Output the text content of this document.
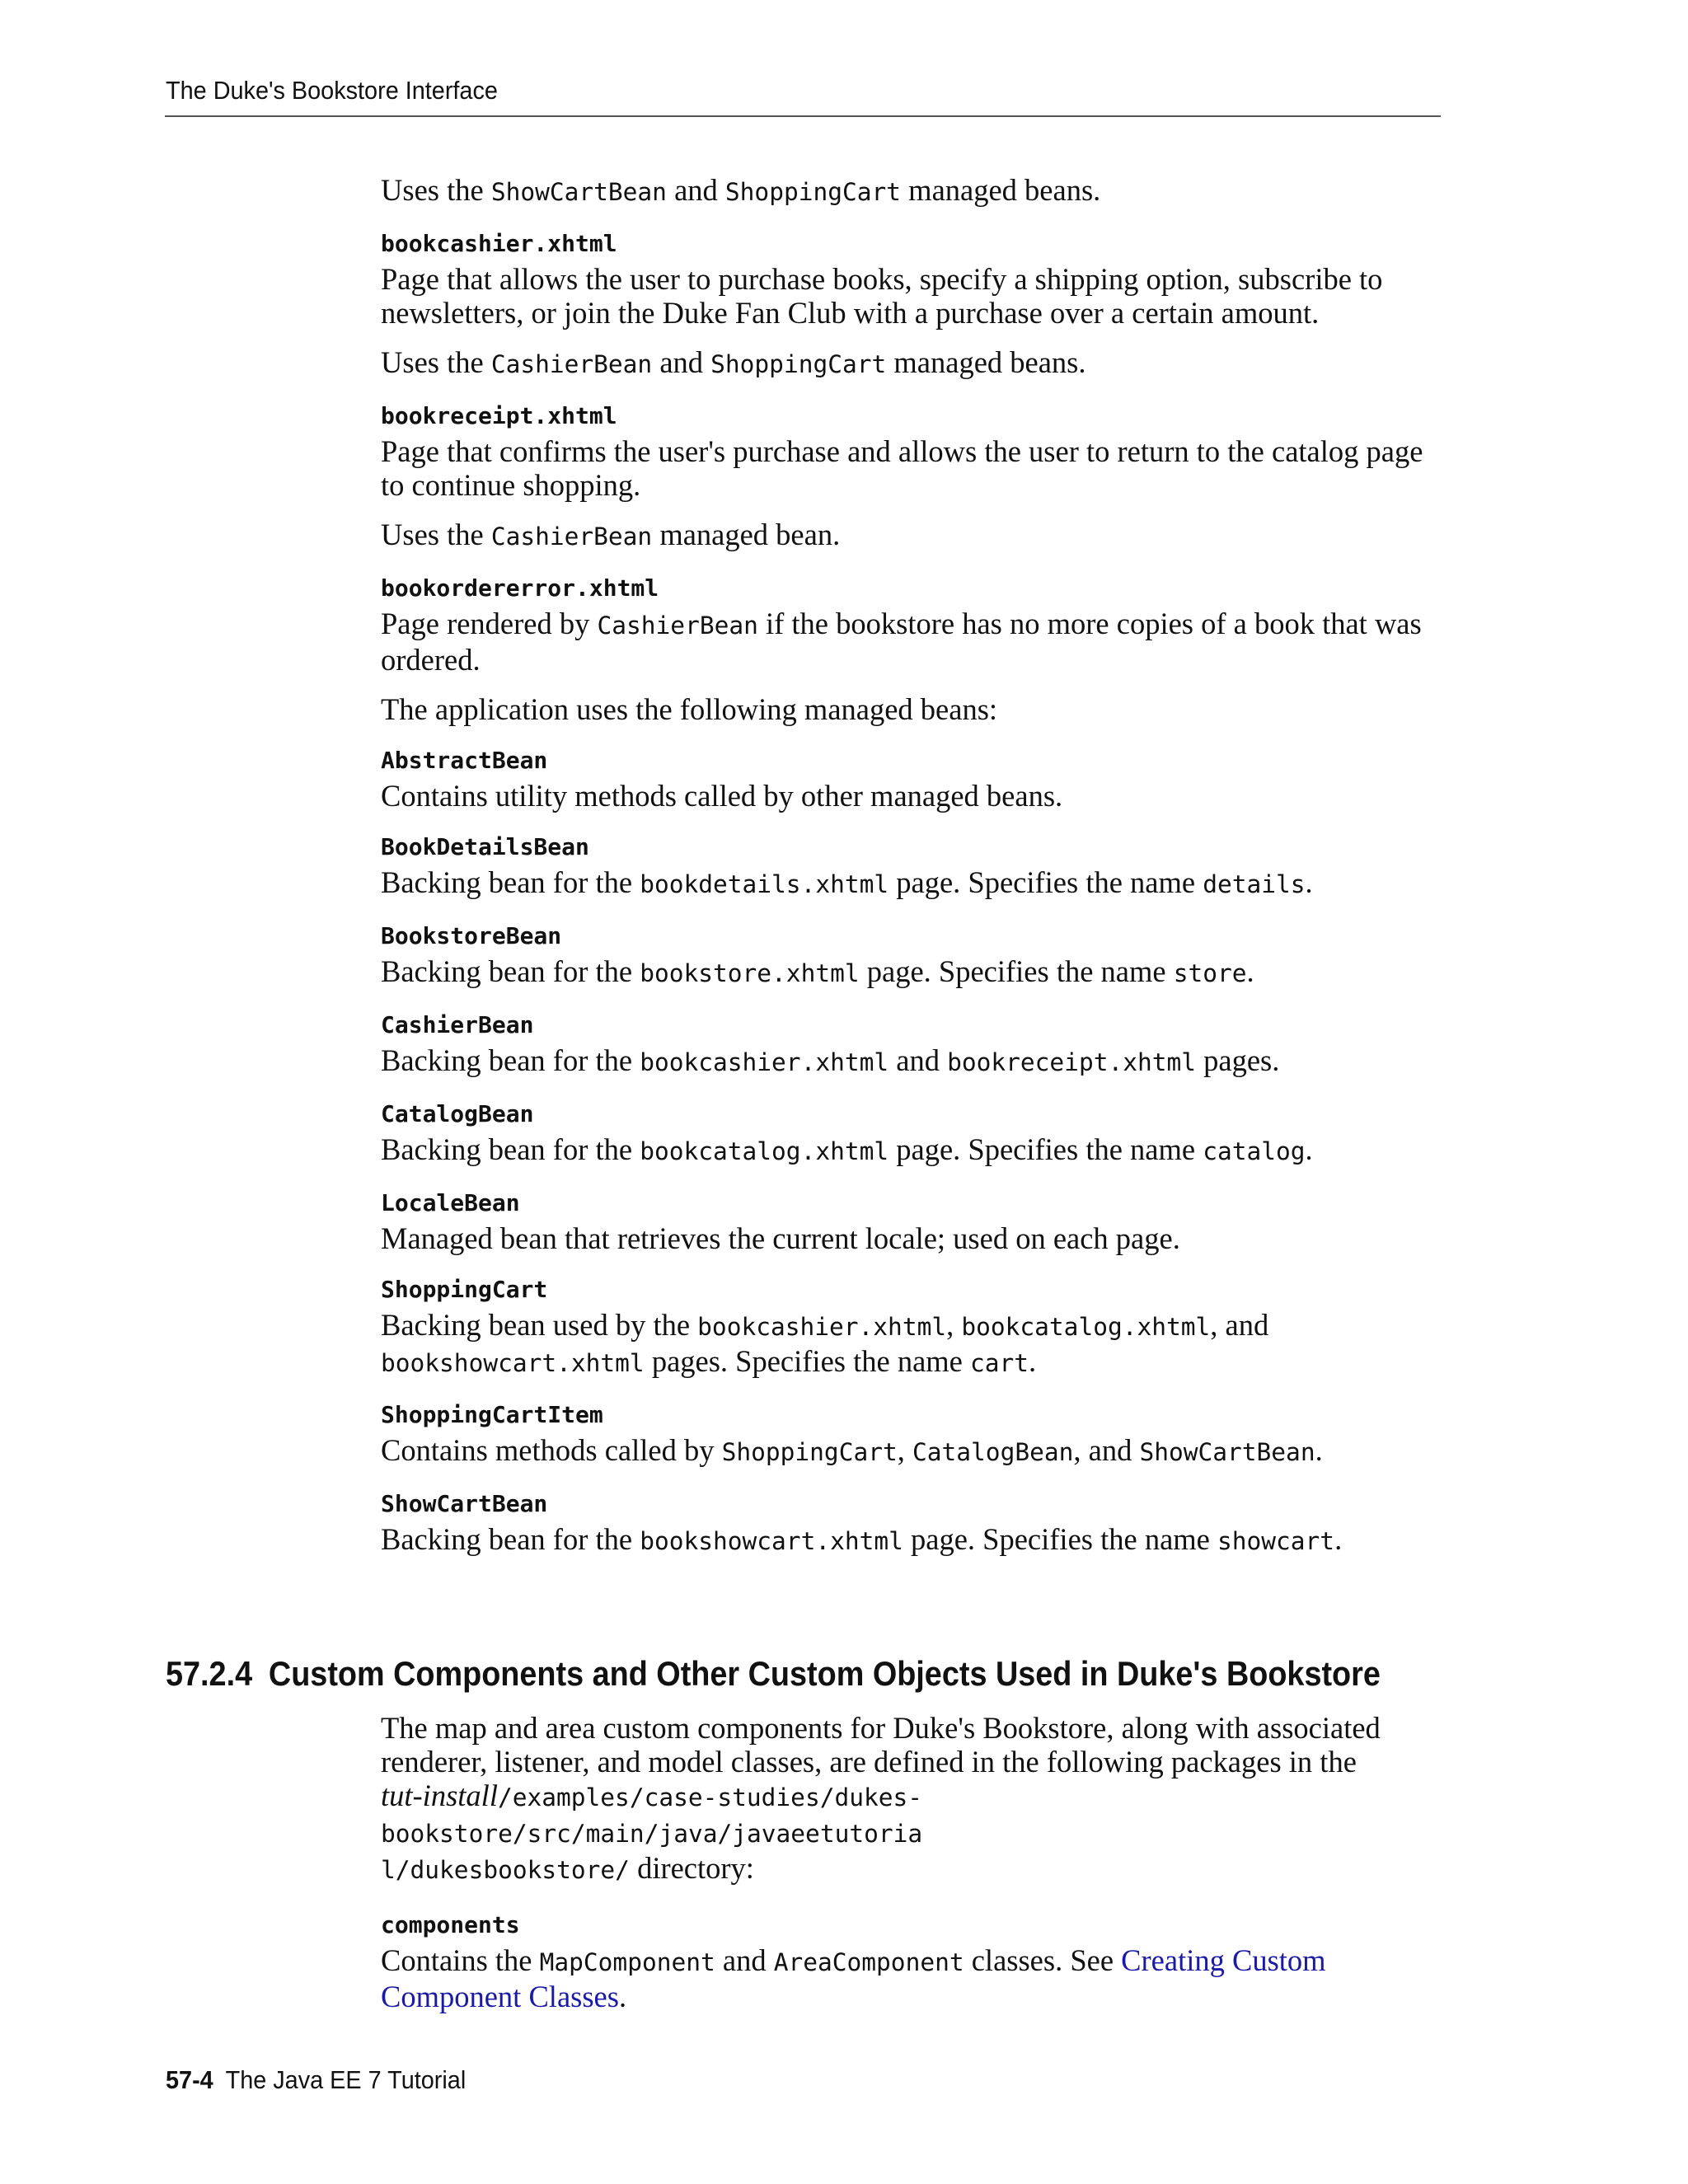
The Duke's Bookstore Interface

Uses the ShowCartBean and ShoppingCart managed beans.

bookcashier.xhtml

Page that allows the user to purchase books, specify a shipping option, subscribe to newsletters, or join the Duke Fan Club with a purchase over a certain amount.

Uses the CashierBean and ShoppingCart managed beans.

bookreceipt.xhtml

Page that confirms the user's purchase and allows the user to return to the catalog page to continue shopping.

Uses the CashierBean managed bean.

bookordererror.xhtml

Page rendered by CashierBean if the bookstore has no more copies of a book that was ordered.

The application uses the following managed beans:

AbstractBean

Contains utility methods called by other managed beans.

BookDetailsBean

Backing bean for the bookdetails.xhtml page. Specifies the name details.

BookstoreBean

Backing bean for the bookstore.xhtml page. Specifies the name store.

CashierBean

Backing bean for the bookcashier.xhtml and bookreceipt.xhtml pages.

CatalogBean

Backing bean for the bookcatalog.xhtml page. Specifies the name catalog.

LocaleBean

Managed bean that retrieves the current locale; used on each page.

ShoppingCart

Backing bean used by the bookcashier.xhtml, bookcatalog.xhtml, and
bookshowcart.xhtml pages. Specifies the name cart.

ShoppingCartItem

Contains methods called by ShoppingCart, CatalogBean, and ShowCartBean.

ShowCartBean

Backing bean for the bookshowcart.xhtml page. Specifies the name showcart.

57.2.4 Custom Components and Other Custom Objects Used in Duke's Bookstore

The map and area custom components for Duke's Bookstore, along with associated renderer, listener, and model classes, are defined in the following packages in the
tut-install/examples/case-studies/dukes-bookstore/src/main/java/javaeetutoria
l/dukesbookstore/ directory:

components

Contains the MapComponent and AreaComponent classes. See Creating Custom Component Classes.

57-4 The Java EE 7 Tutorial
